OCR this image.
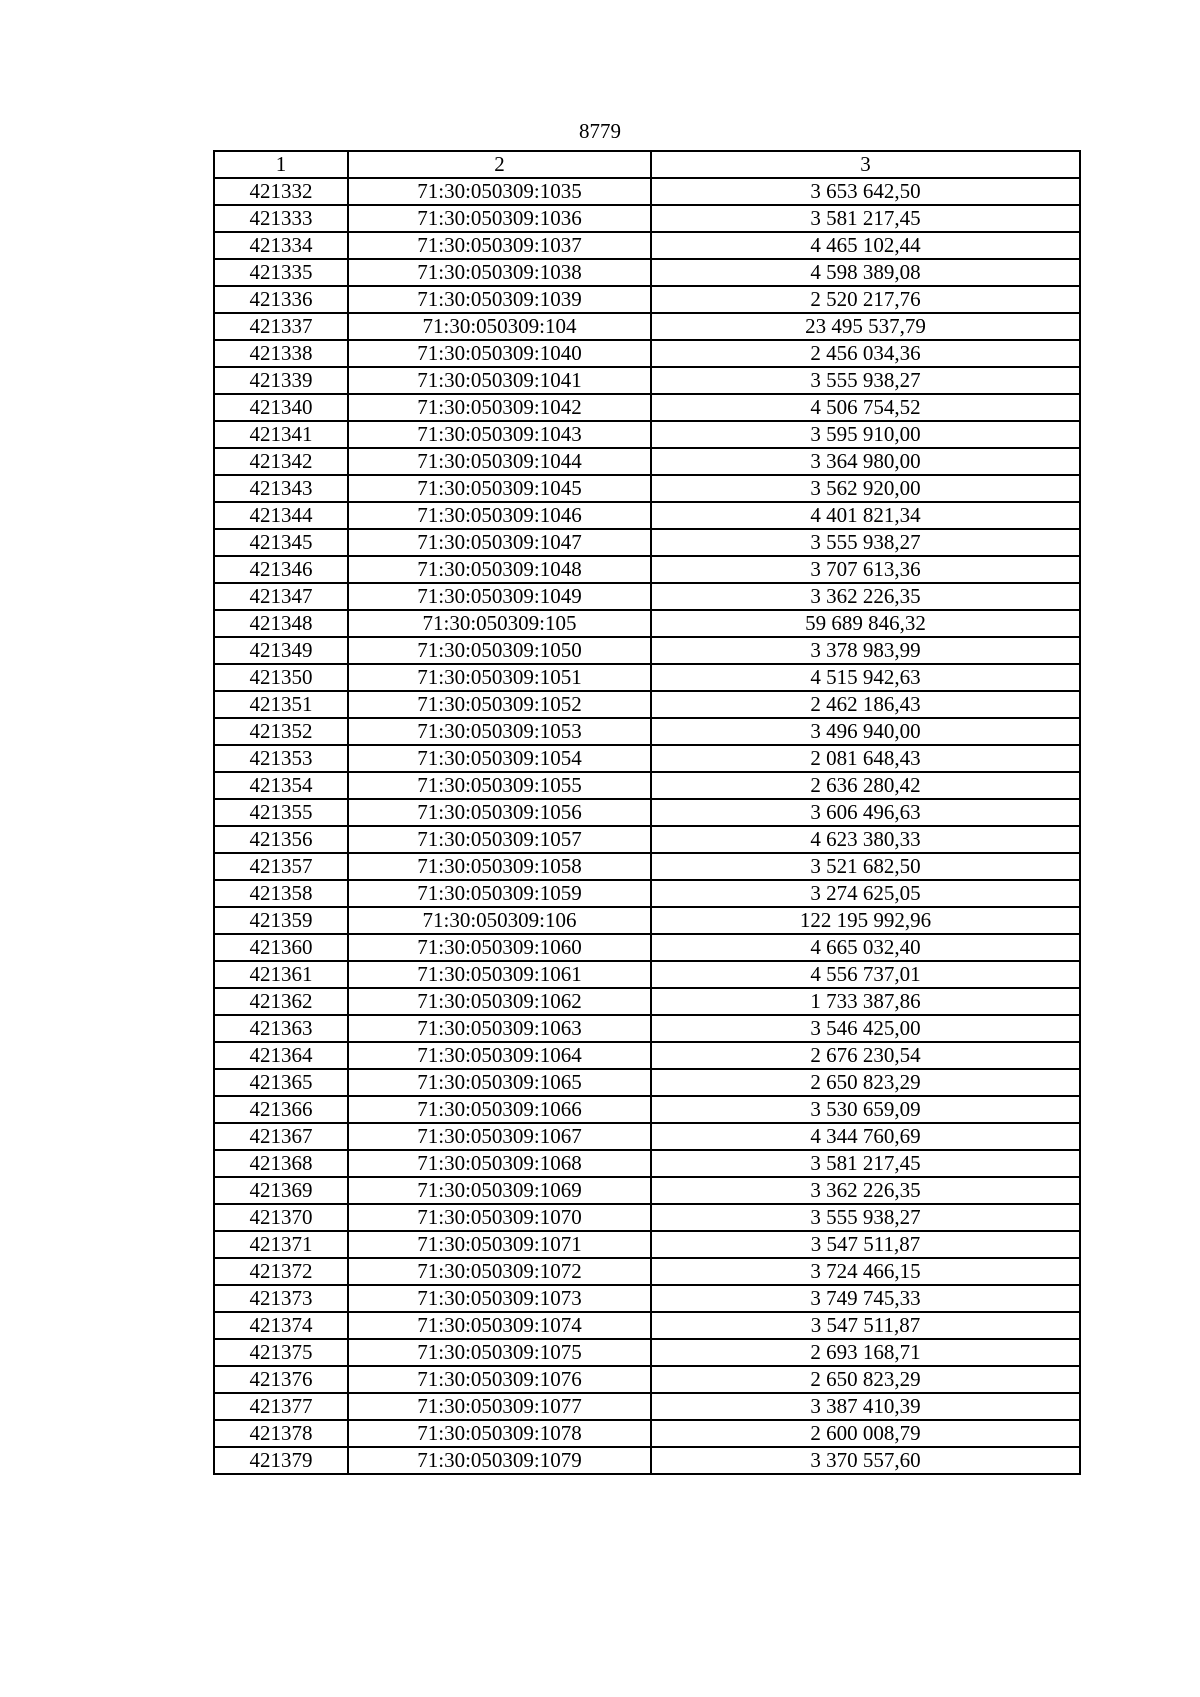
8779
1	2	3
421332	71:30:050309:1035	3 653 642,50
421333	71:30:050309:1036	3 581 217,45
421334	71:30:050309:1037	4 465 102,44
421335	71:30:050309:1038	4 598 389,08
421336	71:30:050309:1039	2 520 217,76
421337	71:30:050309:104	23 495 537,79
421338	71:30:050309:1040	2 456 034,36
421339	71:30:050309:1041	3 555 938,27
421340	71:30:050309:1042	4 506 754,52
421341	71:30:050309:1043	3 595 910,00
421342	71:30:050309:1044	3 364 980,00
421343	71:30:050309:1045	3 562 920,00
421344	71:30:050309:1046	4 401 821,34
421345	71:30:050309:1047	3 555 938,27
421346	71:30:050309:1048	3 707 613,36
421347	71:30:050309:1049	3 362 226,35
421348	71:30:050309:105	59 689 846,32
421349	71:30:050309:1050	3 378 983,99
421350	71:30:050309:1051	4 515 942,63
421351	71:30:050309:1052	2 462 186,43
421352	71:30:050309:1053	3 496 940,00
421353	71:30:050309:1054	2 081 648,43
421354	71:30:050309:1055	2 636 280,42
421355	71:30:050309:1056	3 606 496,63
421356	71:30:050309:1057	4 623 380,33
421357	71:30:050309:1058	3 521 682,50
421358	71:30:050309:1059	3 274 625,05
421359	71:30:050309:106	122 195 992,96
421360	71:30:050309:1060	4 665 032,40
421361	71:30:050309:1061	4 556 737,01
421362	71:30:050309:1062	1 733 387,86
421363	71:30:050309:1063	3 546 425,00
421364	71:30:050309:1064	2 676 230,54
421365	71:30:050309:1065	2 650 823,29
421366	71:30:050309:1066	3 530 659,09
421367	71:30:050309:1067	4 344 760,69
421368	71:30:050309:1068	3 581 217,45
421369	71:30:050309:1069	3 362 226,35
421370	71:30:050309:1070	3 555 938,27
421371	71:30:050309:1071	3 547 511,87
421372	71:30:050309:1072	3 724 466,15
421373	71:30:050309:1073	3 749 745,33
421374	71:30:050309:1074	3 547 511,87
421375	71:30:050309:1075	2 693 168,71
421376	71:30:050309:1076	2 650 823,29
421377	71:30:050309:1077	3 387 410,39
421378	71:30:050309:1078	2 600 008,79
421379	71:30:050309:1079	3 370 557,60
